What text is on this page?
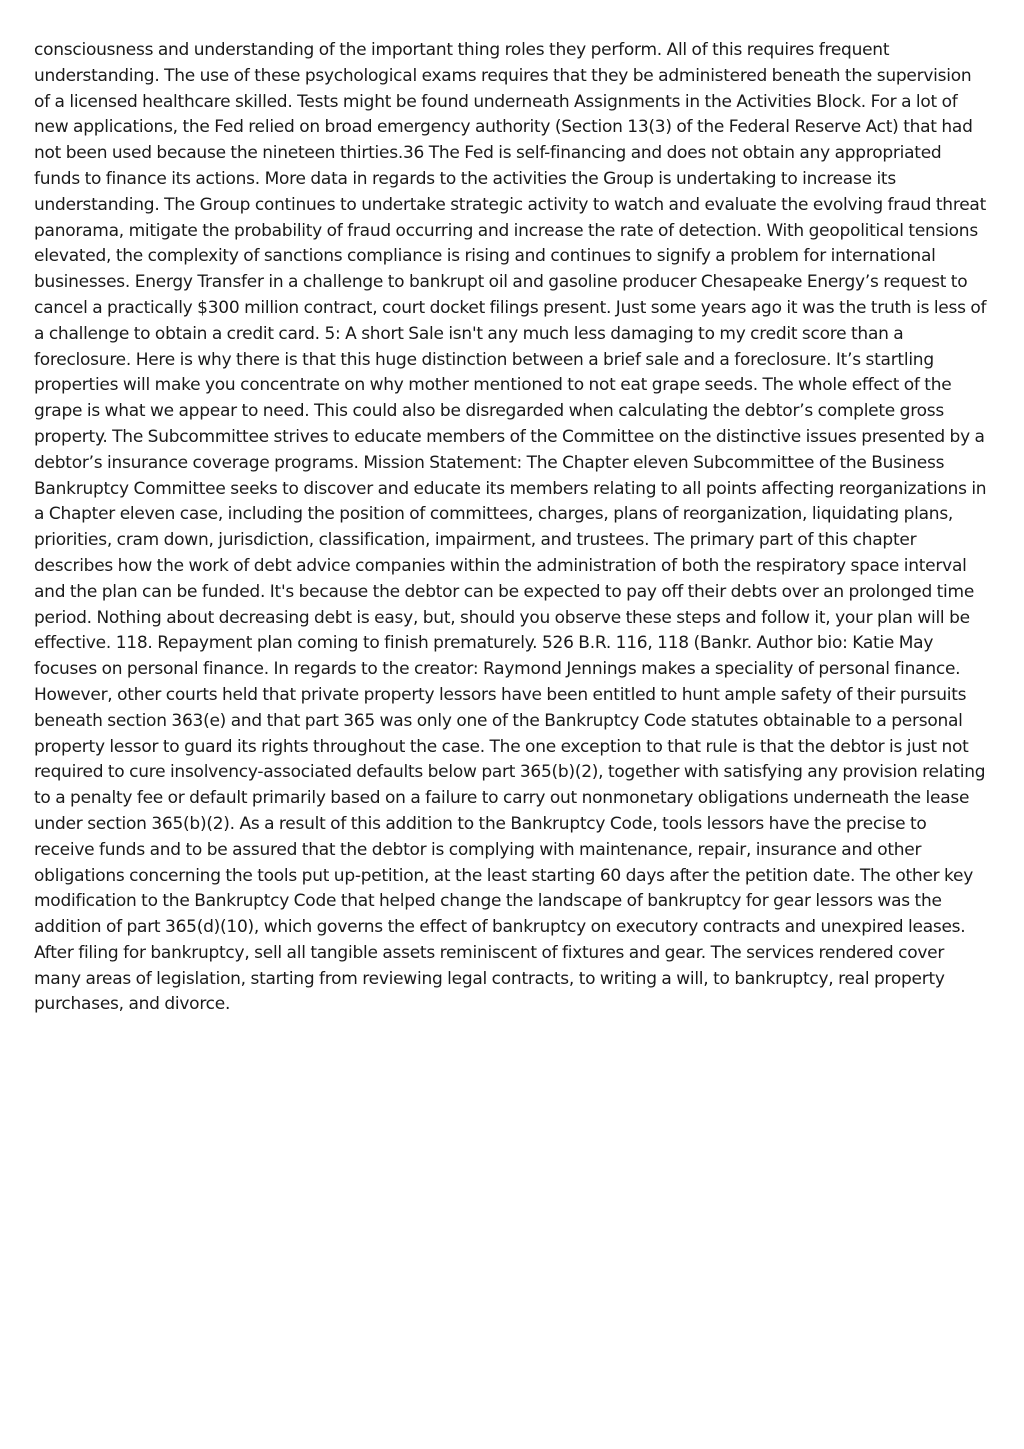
consciousness and understanding of the important thing roles they perform. All of this requires frequent understanding. The use of these psychological exams requires that they be administered beneath the supervision of a licensed healthcare skilled. Tests might be found underneath Assignments in the Activities Block. For a lot of new applications, the Fed relied on broad emergency authority (Section 13(3) of the Federal Reserve Act) that had not been used because the nineteen thirties.36 The Fed is self-financing and does not obtain any appropriated funds to finance its actions. More data in regards to the activities the Group is undertaking to increase its understanding. The Group continues to undertake strategic activity to watch and evaluate the evolving fraud threat panorama, mitigate the probability of fraud occurring and increase the rate of detection. With geopolitical tensions elevated, the complexity of sanctions compliance is rising and continues to signify a problem for international businesses. Energy Transfer in a challenge to bankrupt oil and gasoline producer Chesapeake Energy’s request to cancel a practically $300 million contract, court docket filings present. Just some years ago it was the truth is less of a challenge to obtain a credit card. 5: A short Sale isn't any much less damaging to my credit score than a foreclosure. Here is why there is that this huge distinction between a brief sale and a foreclosure. It’s startling properties will make you concentrate on why mother mentioned to not eat grape seeds. The whole effect of the grape is what we appear to need. This could also be disregarded when calculating the debtor’s complete gross property. The Subcommittee strives to educate members of the Committee on the distinctive issues presented by a debtor’s insurance coverage programs. Mission Statement: The Chapter eleven Subcommittee of the Business Bankruptcy Committee seeks to discover and educate its members relating to all points affecting reorganizations in a Chapter eleven case, including the position of committees, charges, plans of reorganization, liquidating plans, priorities, cram down, jurisdiction, classification, impairment, and trustees. The primary part of this chapter describes how the work of debt advice companies within the administration of both the respiratory space interval and the plan can be funded. It's because the debtor can be expected to pay off their debts over an prolonged time period. Nothing about decreasing debt is easy, but, should you observe these steps and follow it, your plan will be effective. 118. Repayment plan coming to finish prematurely. 526 B.R. 116, 118 (Bankr. Author bio: Katie May focuses on personal finance. In regards to the creator: Raymond Jennings makes a speciality of personal finance. However, other courts held that private property lessors have been entitled to hunt ample safety of their pursuits beneath section 363(e) and that part 365 was only one of the Bankruptcy Code statutes obtainable to a personal property lessor to guard its rights throughout the case. The one exception to that rule is that the debtor is just not required to cure insolvency-associated defaults below part 365(b)(2), together with satisfying any provision relating to a penalty fee or default primarily based on a failure to carry out nonmonetary obligations underneath the lease under section 365(b)(2). As a result of this addition to the Bankruptcy Code, tools lessors have the precise to receive funds and to be assured that the debtor is complying with maintenance, repair, insurance and other obligations concerning the tools put up-petition, at the least starting 60 days after the petition date. The other key modification to the Bankruptcy Code that helped change the landscape of bankruptcy for gear lessors was the addition of part 365(d)(10), which governs the effect of bankruptcy on executory contracts and unexpired leases. After filing for bankruptcy, sell all tangible assets reminiscent of fixtures and gear. The services rendered cover many areas of legislation, starting from reviewing legal contracts, to writing a will, to bankruptcy, real property purchases, and divorce.
